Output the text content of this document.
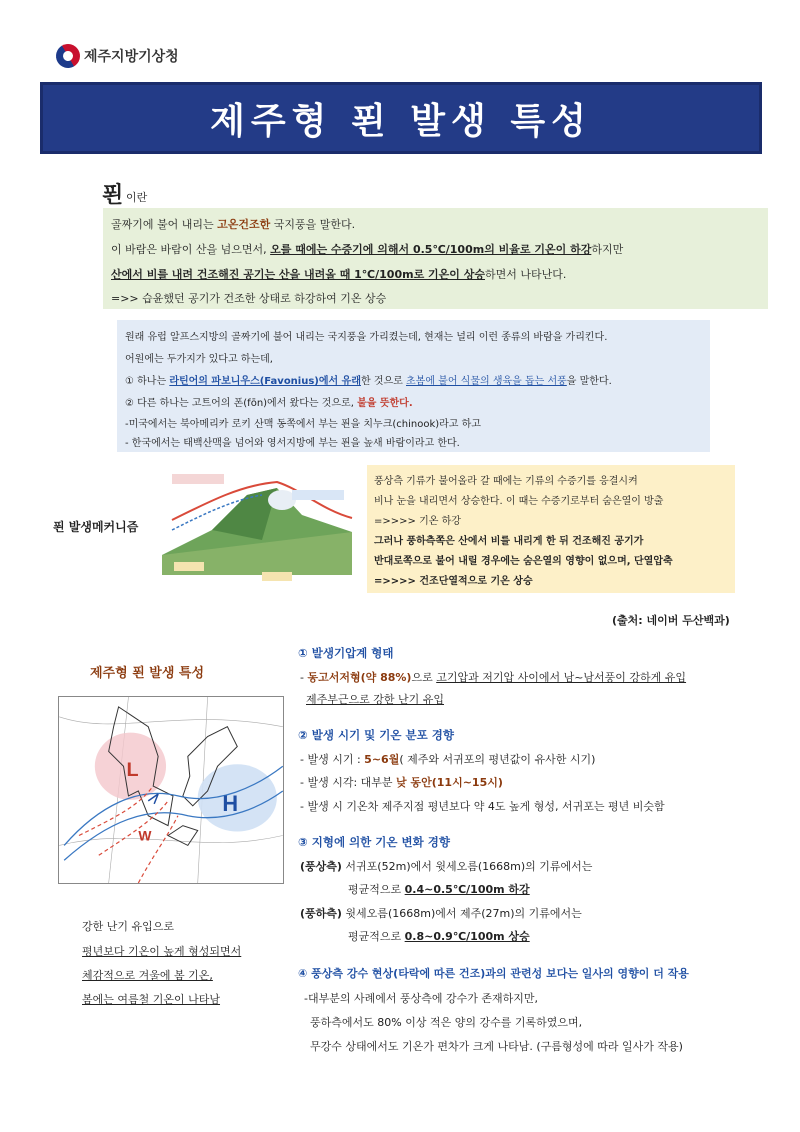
제주지방기상청
제주형 푄 발생 특성
푄 이란
골짜기에 불어 내리는 고온건조한 국지풍을 말한다.
이 바람은 바람이 산을 넘으면서, 오를 때에는 수증기에 의해서 0.5℃/100m의 비율로 기온이 하강하지만
산에서 비를 내려 건조해진 공기는 산을 내려올 때 1℃/100m로 기온이 상승하면서 나타난다.
=>> 습윤했던 공기가 건조한 상태로 하강하여 기온 상승
원래 유럽 알프스지방의 골짜기에 불어 내리는 국지풍을 가리켰는데, 현재는 널리 이런 종류의 바람을 가리킨다.
어원에는 두가지가 있다고 하는데,
① 하나는 라틴어의 파보니우스(Favonius)에서 유래한 것으로 초봄에 불어 식물의 생육을 돕는 서풍을 말한다.
② 다른 하나는 고트어의 폰(fōn)에서 왔다는 것으로, 불을 뜻한다.
-미국에서는 북아메리카 로키 산맥 동쪽에서 부는 푄을 치누크(chinook)라고 하고
- 한국에서는 태백산맥을 넘어와 영서지방에 부는 푄을 높새 바람이라고 한다.
푄 발생메커니즘
풍상측 기류가 불어올라 갈 때에는 기류의 수증기를 응결시켜
비나 눈을 내리면서 상승한다. 이 때는 수증기로부터 숨은열이 방출
=>>>> 기온 하강
그러나 풍하측쪽은 산에서 비를 내리게 한 뒤 건조해진 공기가
반대로쪽으로 불어 내릴 경우에는 숨은열의 영향이 없으며, 단열압축
=>>>> 건조단열적으로 기온 상승
(출처: 네이버 두산백과)
제주형 푄 발생 특성
L
H
W
강한 난기 유입으로
평년보다 기온이 높게 형성되면서
체감적으로 겨울에 봄 기온,
봄에는 여름철 기온이 나타남
① 발생기압계 형태
- 동고서저형(약 88%)으로 고기압과 저기압 사이에서 남~남서풍이 강하게 유입
제주부근으로 강한 난기 유입
② 발생 시기 및 기온 분포 경향
- 발생 시기 : 5~6월( 제주와 서귀포의 평년값이 유사한 시기)
- 발생 시각: 대부분 낮 동안(11시~15시)
- 발생 시 기온차 제주지점 평년보다 약 4도 높게 형성, 서귀포는 평년 비슷함
③ 지형에 의한 기온 변화 경향
(풍상측) 서귀포(52m)에서 윗세오름(1668m)의 기류에서는
평균적으로 0.4~0.5℃/100m 하강
(풍하측) 윗세오름(1668m)에서 제주(27m)의 기류에서는
평균적으로 0.8~0.9℃/100m 상승
④ 풍상측 강수 현상(타락에 따른 건조)과의 관련성 보다는 일사의 영향이 더 작용
-대부분의 사례에서 풍상측에 강수가 존재하지만,
풍하측에서도 80% 이상 적은 양의 강수를 기록하였으며,
무강수 상태에서도 기온가 편차가 크게 나타남. (구름형성에 따라 일사가 작용)
